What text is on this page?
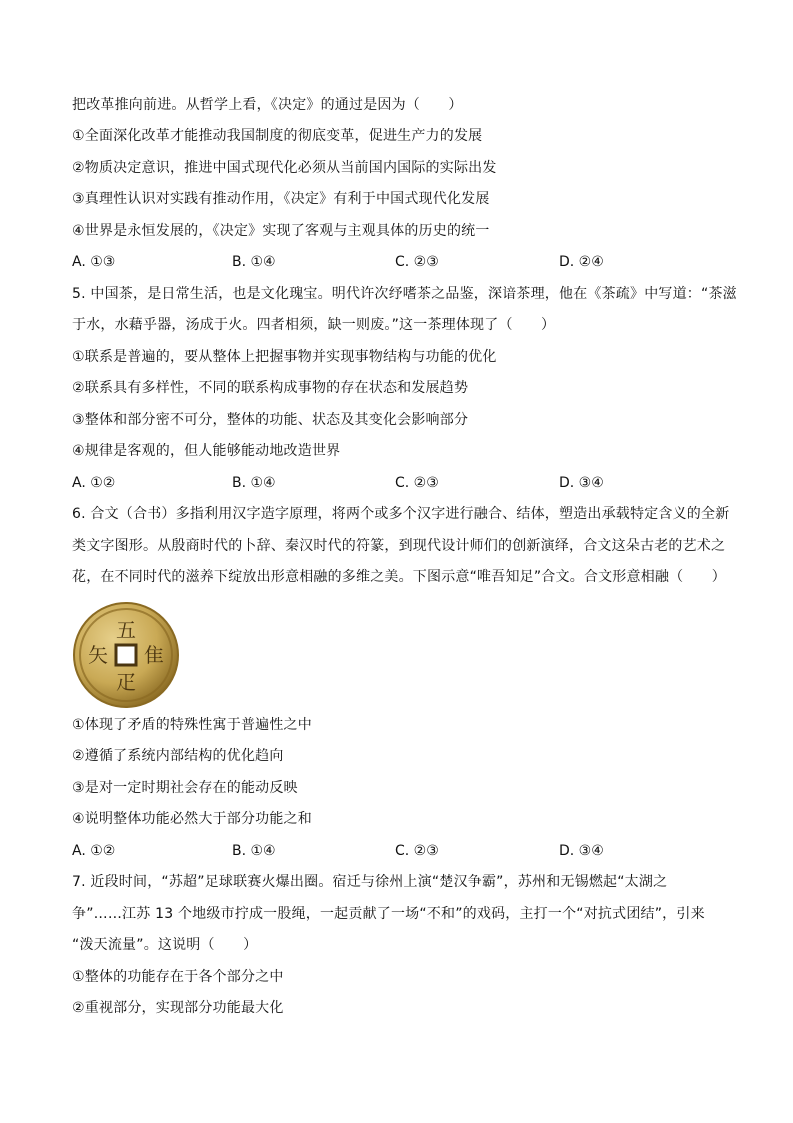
把改革推向前进。从哲学上看，《决定》的通过是因为（　　）
①全面深化改革才能推动我国制度的彻底变革，促进生产力的发展
②物质决定意识，推进中国式现代化必须从当前国内国际的实际出发
③真理性认识对实践有推动作用，《决定》有利于中国式现代化发展
④世界是永恒发展的，《决定》实现了客观与主观具体的历史的统一
A. ①③	B. ①④	C. ②③	D. ②④
5. 中国茶，是日常生活，也是文化瑰宝。明代许次纾嗜茶之品鉴，深谙茶理，他在《茶疏》中写道：“茶滋
于水，水藉乎器，汤成于火。四者相须，缺一则废。”这一茶理体现了（　　）
①联系是普遍的，要从整体上把握事物并实现事物结构与功能的优化
②联系具有多样性，不同的联系构成事物的存在状态和发展趋势
③整体和部分密不可分，整体的功能、状态及其变化会影响部分
④规律是客观的，但人能够能动地改造世界
A. ①②	B. ①④	C. ②③	D. ③④
6. 合文（合书）多指利用汉字造字原理，将两个或多个汉字进行融合、结体，塑造出承载特定含义的全新
类文字图形。从殷商时代的卜辞、秦汉时代的符篆，到现代设计师们的创新演绎，合文这朵古老的艺术之
花，在不同时代的滋养下绽放出形意相融的多维之美。下图示意“唯吾知足”合文。合文形意相融（　　）
五
隹
疋
矢
①体现了矛盾的特殊性寓于普遍性之中
②遵循了系统内部结构的优化趋向
③是对一定时期社会存在的能动反映
④说明整体功能必然大于部分功能之和
A. ①②	B. ①④	C. ②③	D. ③④
7. 近段时间，“苏超”足球联赛火爆出圈。宿迁与徐州上演“楚汉争霸”，苏州和无锡燃起“太湖之
争”……江苏 13 个地级市拧成一股绳，一起贡献了一场“不和”的戏码，主打一个“对抗式团结”，引来
“泼天流量”。这说明（　　）
①整体的功能存在于各个部分之中
②重视部分，实现部分功能最大化
